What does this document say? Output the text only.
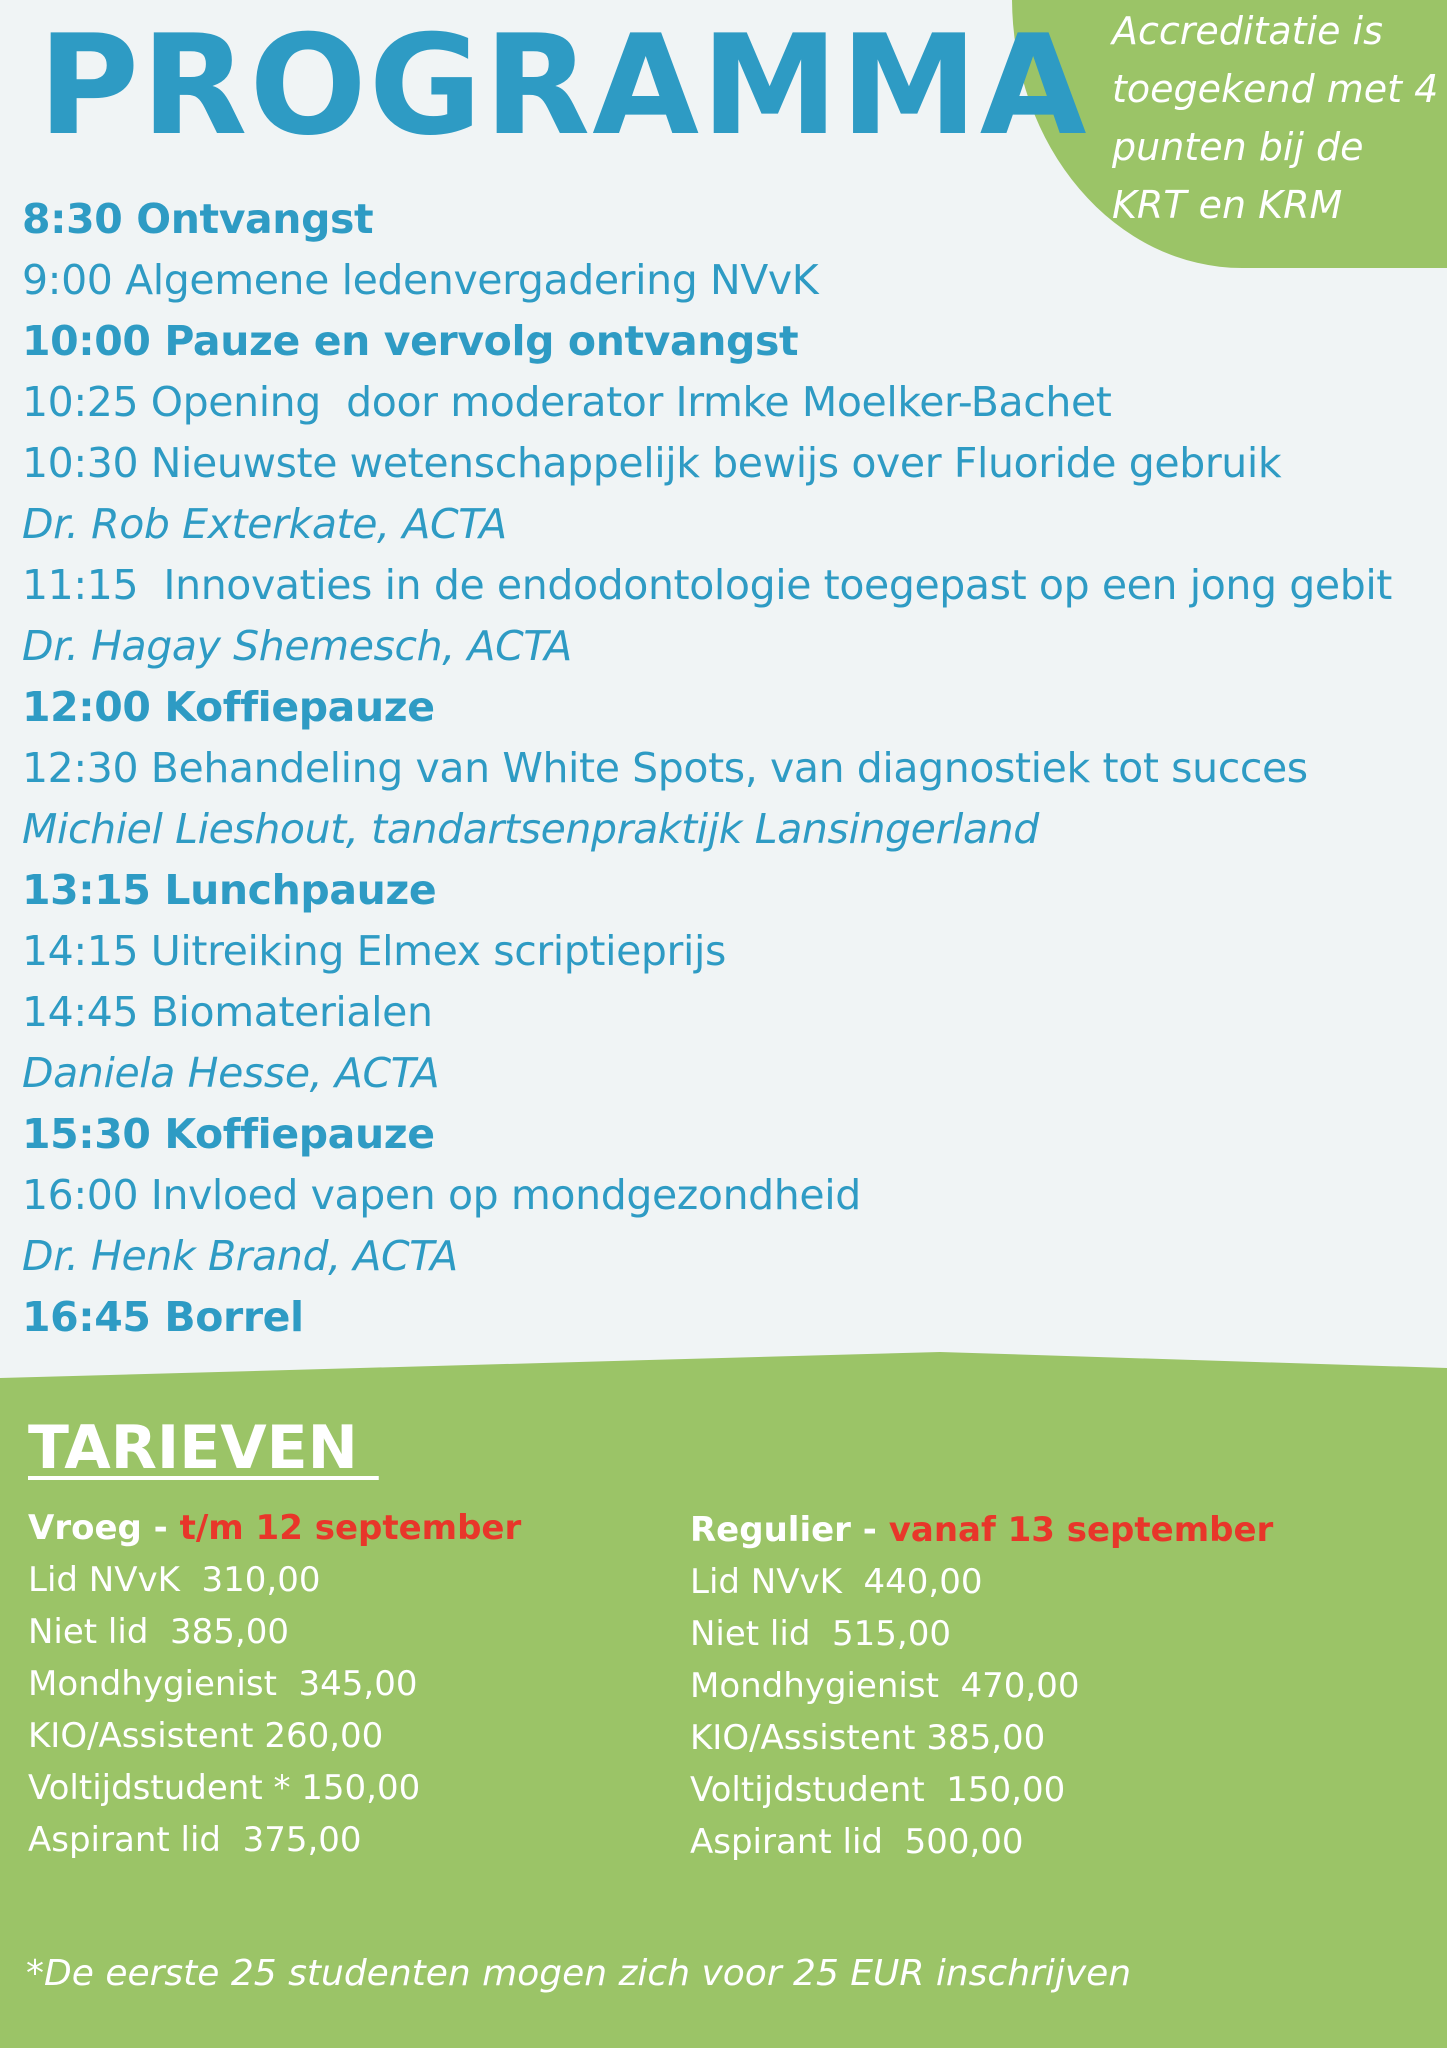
PROGRAMMA Accreditatie is toegekend met 4 punten bij de KRT en KRM
8:30 Ontvangst
9:00 Algemene ledenvergadering NVvK
10:00 Pauze en vervolg ontvangst
10:25 Opening  door moderator Irmke Moelker-Bachet
10:30 Nieuwste wetenschappelijk bewijs over Fluoride gebruik
Dr. Rob Exterkate, ACTA
11:15  Innovaties in de endodontologie toegepast op een jong gebit
Dr. Hagay Shemesch, ACTA
12:00 Koffiepauze
12:30 Behandeling van White Spots, van diagnostiek tot succes
Michiel Lieshout, tandartsenpraktijk Lansingerland
13:15 Lunchpauze
14:15 Uitreiking Elmex scriptieprijs
14:45 Biomaterialen
Daniela Hesse, ACTA
15:30 Koffiepauze
16:00 Invloed vapen op mondgezondheid
Dr. Henk Brand, ACTA
16:45 Borrel
TARIEVEN
Vroeg - t/m 12 september
Lid NVvK  310,00
Niet lid  385,00
Mondhygienist  345,00
KIO/Assistent 260,00
Voltijdstudent * 150,00
Aspirant lid  375,00
Regulier - vanaf 13 september
Lid NVvK  440,00
Niet lid  515,00
Mondhygienist  470,00
KIO/Assistent 385,00
Voltijdstudent  150,00
Aspirant lid  500,00
*De eerste 25 studenten mogen zich voor 25 EUR inschrijven
